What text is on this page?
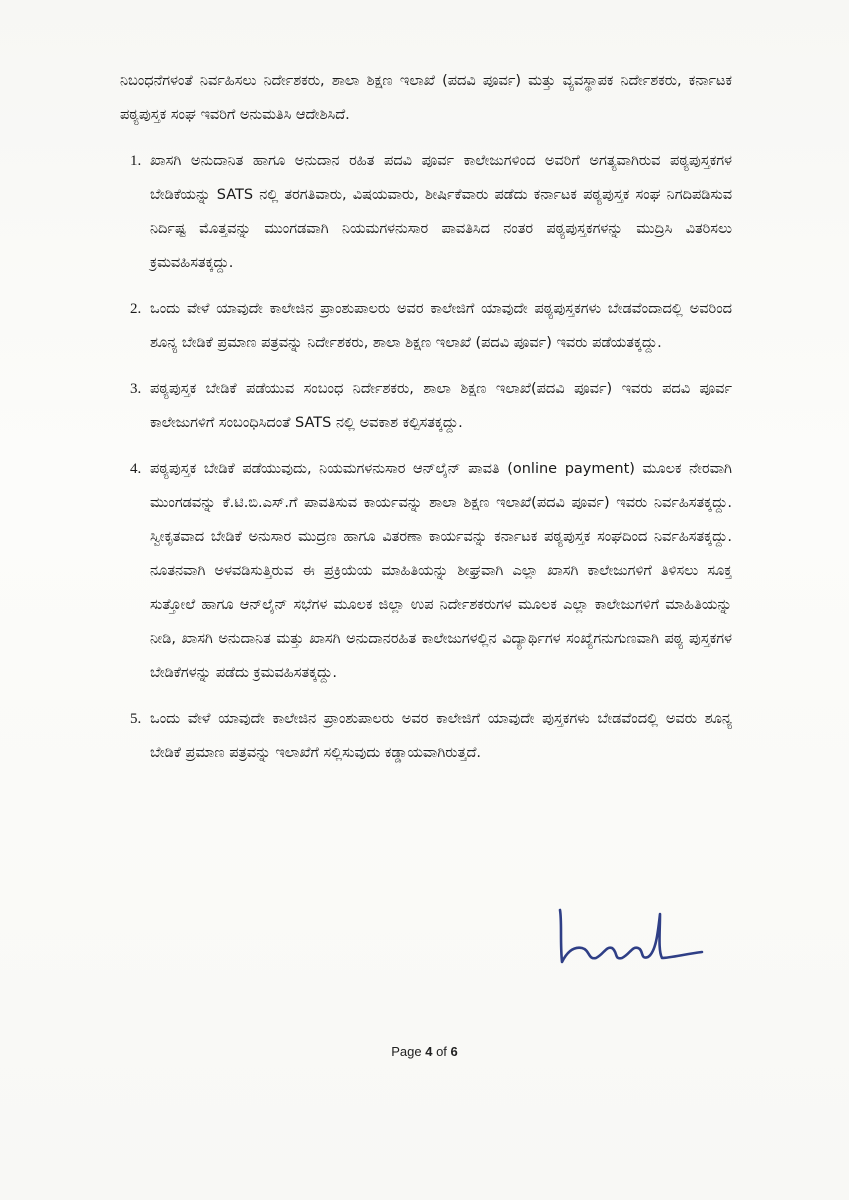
ನಿಬಂಧನೆಗಳಂತೆ ನಿರ್ವಹಿಸಲು ನಿರ್ದೇಶಕರು, ಶಾಲಾ ಶಿಕ್ಷಣ ಇಲಾಖೆ (ಪದವಿ ಪೂರ್ವ) ಮತ್ತು ವ್ಯವಸ್ಥಾಪಕ ನಿರ್ದೇಶಕರು, ಕರ್ನಾಟಕ ಪಠ್ಯಪುಸ್ತಕ ಸಂಘ ಇವರಿಗೆ ಅನುಮತಿಸಿ ಆದೇಶಿಸಿದೆ.

1. ಖಾಸಗಿ ಅನುದಾನಿತ ಹಾಗೂ ಅನುದಾನ ರಹಿತ ಪದವಿ ಪೂರ್ವ ಕಾಲೇಜುಗಳಿಂದ ಅವರಿಗೆ ಅಗತ್ಯವಾಗಿರುವ ಪಠ್ಯಪುಸ್ತಕಗಳ ಬೇಡಿಕೆಯನ್ನು SATS ನಲ್ಲಿ ತರಗತಿವಾರು, ವಿಷಯವಾರು, ಶೀರ್ಷಿಕೆವಾರು ಪಡೆದು ಕರ್ನಾಟಕ ಪಠ್ಯಪುಸ್ತಕ ಸಂಘ ನಿಗದಿಪಡಿಸುವ ನಿರ್ದಿಷ್ಟ ಮೊತ್ತವನ್ನು ಮುಂಗಡವಾಗಿ ನಿಯಮಗಳನುಸಾರ ಪಾವತಿಸಿದ ನಂತರ ಪಠ್ಯಪುಸ್ತಕಗಳನ್ನು ಮುದ್ರಿಸಿ ವಿತರಿಸಲು ಕ್ರಮವಹಿಸತಕ್ಕದ್ದು.
2. ಒಂದು ವೇಳೆ ಯಾವುದೇ ಕಾಲೇಜಿನ ಪ್ರಾಂಶುಪಾಲರು ಅವರ ಕಾಲೇಜಿಗೆ ಯಾವುದೇ ಪಠ್ಯಪುಸ್ತಕಗಳು ಬೇಡವೆಂದಾದಲ್ಲಿ ಅವರಿಂದ ಶೂನ್ಯ ಬೇಡಿಕೆ ಪ್ರಮಾಣ ಪತ್ರವನ್ನು ನಿರ್ದೇಶಕರು, ಶಾಲಾ ಶಿಕ್ಷಣ ಇಲಾಖೆ (ಪದವಿ ಪೂರ್ವ) ಇವರು ಪಡೆಯತಕ್ಕದ್ದು.
3. ಪಠ್ಯಪುಸ್ತಕ ಬೇಡಿಕೆ ಪಡೆಯುವ ಸಂಬಂಧ ನಿರ್ದೇಶಕರು, ಶಾಲಾ ಶಿಕ್ಷಣ ಇಲಾಖೆ(ಪದವಿ ಪೂರ್ವ) ಇವರು ಪದವಿ ಪೂರ್ವ ಕಾಲೇಜುಗಳಿಗೆ ಸಂಬಂಧಿಸಿದಂತೆ SATS ನಲ್ಲಿ ಅವಕಾಶ ಕಲ್ಪಿಸತಕ್ಕದ್ದು.
4. ಪಠ್ಯಪುಸ್ತಕ ಬೇಡಿಕೆ ಪಡೆಯುವುದು, ನಿಯಮಗಳನುಸಾರ ಆನ್‌ಲೈನ್ ಪಾವತಿ (online payment) ಮೂಲಕ ನೇರವಾಗಿ ಮುಂಗಡವನ್ನು ಕೆ.ಟಿ.ಬಿ.ಎಸ್.ಗೆ ಪಾವತಿಸುವ ಕಾರ್ಯವನ್ನು ಶಾಲಾ ಶಿಕ್ಷಣ ಇಲಾಖೆ(ಪದವಿ ಪೂರ್ವ) ಇವರು ನಿರ್ವಹಿಸತಕ್ಕದ್ದು. ಸ್ವೀಕೃತವಾದ ಬೇಡಿಕೆ ಅನುಸಾರ ಮುದ್ರಣ ಹಾಗೂ ವಿತರಣಾ ಕಾರ್ಯವನ್ನು ಕರ್ನಾಟಕ ಪಠ್ಯಪುಸ್ತಕ ಸಂಘದಿಂದ ನಿರ್ವಹಿಸತಕ್ಕದ್ದು. ನೂತನವಾಗಿ ಅಳವಡಿಸುತ್ತಿರುವ ಈ ಪ್ರಕ್ರಿಯೆಯ ಮಾಹಿತಿಯನ್ನು ಶೀಘ್ರವಾಗಿ ಎಲ್ಲಾ ಖಾಸಗಿ ಕಾಲೇಜುಗಳಿಗೆ ತಿಳಿಸಲು ಸೂಕ್ತ ಸುತ್ತೋಲೆ ಹಾಗೂ ಆನ್‌ಲೈನ್ ಸಭೆಗಳ ಮೂಲಕ ಜಿಲ್ಲಾ ಉಪ ನಿರ್ದೇಶಕರುಗಳ ಮೂಲಕ ಎಲ್ಲಾ ಕಾಲೇಜುಗಳಿಗೆ ಮಾಹಿತಿಯನ್ನು ನೀಡಿ, ಖಾಸಗಿ ಅನುದಾನಿತ ಮತ್ತು ಖಾಸಗಿ ಅನುದಾನರಹಿತ ಕಾಲೇಜುಗಳಲ್ಲಿನ ವಿದ್ಯಾರ್ಥಿಗಳ ಸಂಖ್ಯೆಗನುಗುಣವಾಗಿ ಪಠ್ಯ ಪುಸ್ತಕಗಳ ಬೇಡಿಕೆಗಳನ್ನು ಪಡೆದು ಕ್ರಮವಹಿಸತಕ್ಕದ್ದು.
5. ಒಂದು ವೇಳೆ ಯಾವುದೇ ಕಾಲೇಜಿನ ಪ್ರಾಂಶುಪಾಲರು ಅವರ ಕಾಲೇಜಿಗೆ ಯಾವುದೇ ಪುಸ್ತಕಗಳು ಬೇಡವೆಂದಲ್ಲಿ ಅವರು ಶೂನ್ಯ ಬೇಡಿಕೆ ಪ್ರಮಾಣ ಪತ್ರವನ್ನು ಇಲಾಖೆಗೆ ಸಲ್ಲಿಸುವುದು ಕಡ್ಡಾಯವಾಗಿರುತ್ತದೆ.
Page 4 of 6
